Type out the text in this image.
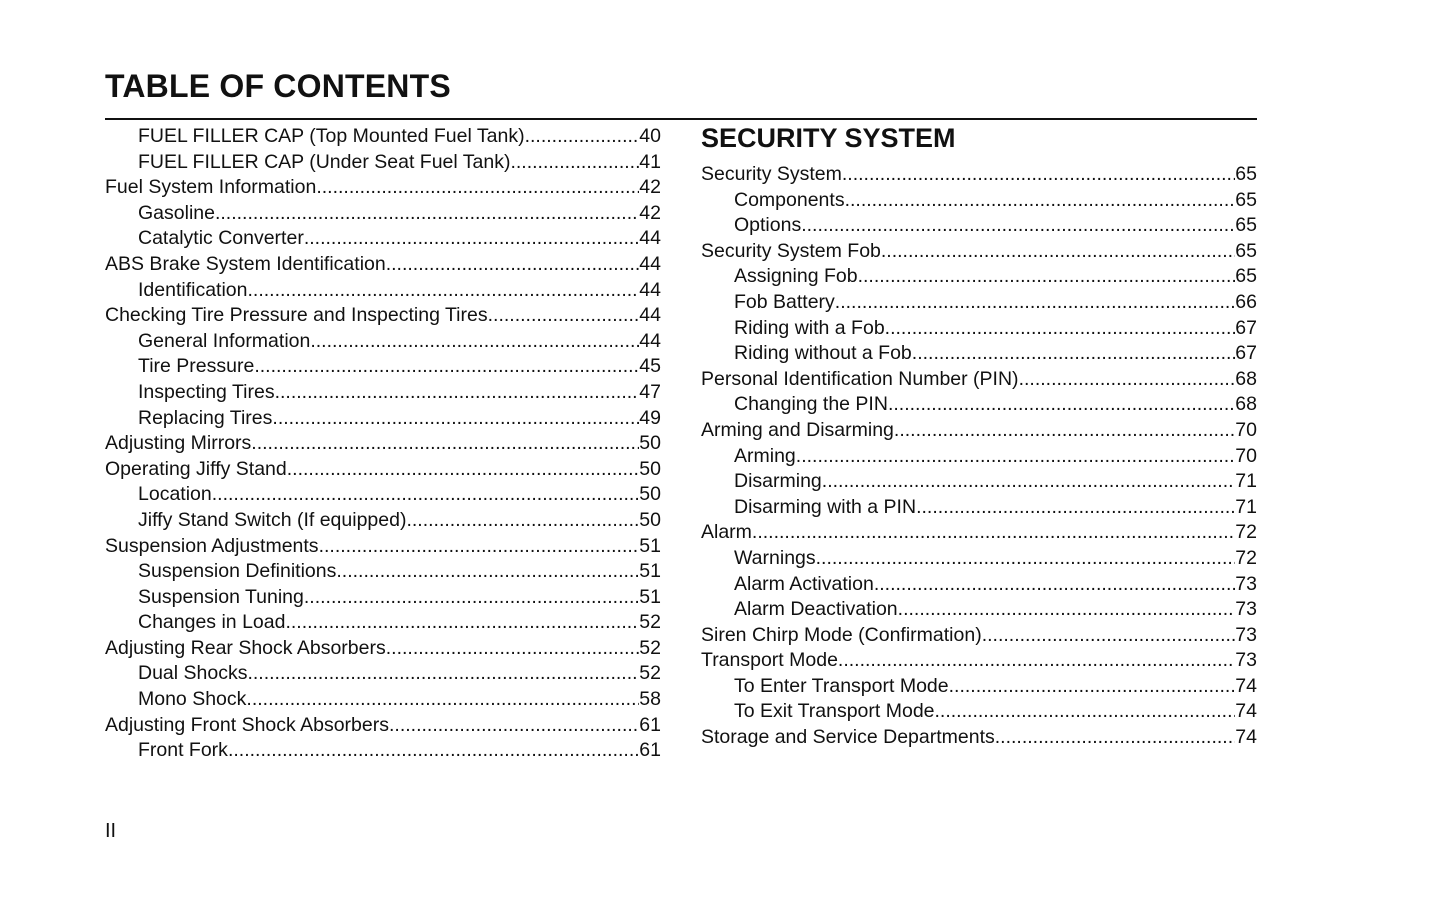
TABLE OF CONTENTS
FUEL FILLER CAP (Top Mounted Fuel Tank) .....	40
FUEL FILLER CAP (Under Seat Fuel Tank) .....	41
Fuel System Information .....	42
Gasoline .....	42
Catalytic Converter .....	44
ABS Brake System Identification .....	44
Identification .....	44
Checking Tire Pressure and Inspecting Tires .....	44
General Information .....	44
Tire Pressure .....	45
Inspecting Tires .....	47
Replacing Tires .....	49
Adjusting Mirrors .....	50
Operating Jiffy Stand .....	50
Location .....	50
Jiffy Stand Switch (If equipped) .....	50
Suspension Adjustments .....	51
Suspension Definitions .....	51
Suspension Tuning .....	51
Changes in Load .....	52
Adjusting Rear Shock Absorbers .....	52
Dual Shocks .....	52
Mono Shock .....	58
Adjusting Front Shock Absorbers .....	61
Front Fork .....	61
SECURITY SYSTEM
Security System .....	65
Components .....	65
Options .....	65
Security System Fob .....	65
Assigning Fob .....	65
Fob Battery .....	66
Riding with a Fob .....	67
Riding without a Fob .....	67
Personal Identification Number (PIN) .....	68
Changing the PIN .....	68
Arming and Disarming .....	70
Arming .....	70
Disarming .....	71
Disarming with a PIN .....	71
Alarm .....	72
Warnings .....	72
Alarm Activation .....	73
Alarm Deactivation .....	73
Siren Chirp Mode (Confirmation) .....	73
Transport Mode .....	73
To Enter Transport Mode .....	74
To Exit Transport Mode .....	74
Storage and Service Departments .....	74
II
